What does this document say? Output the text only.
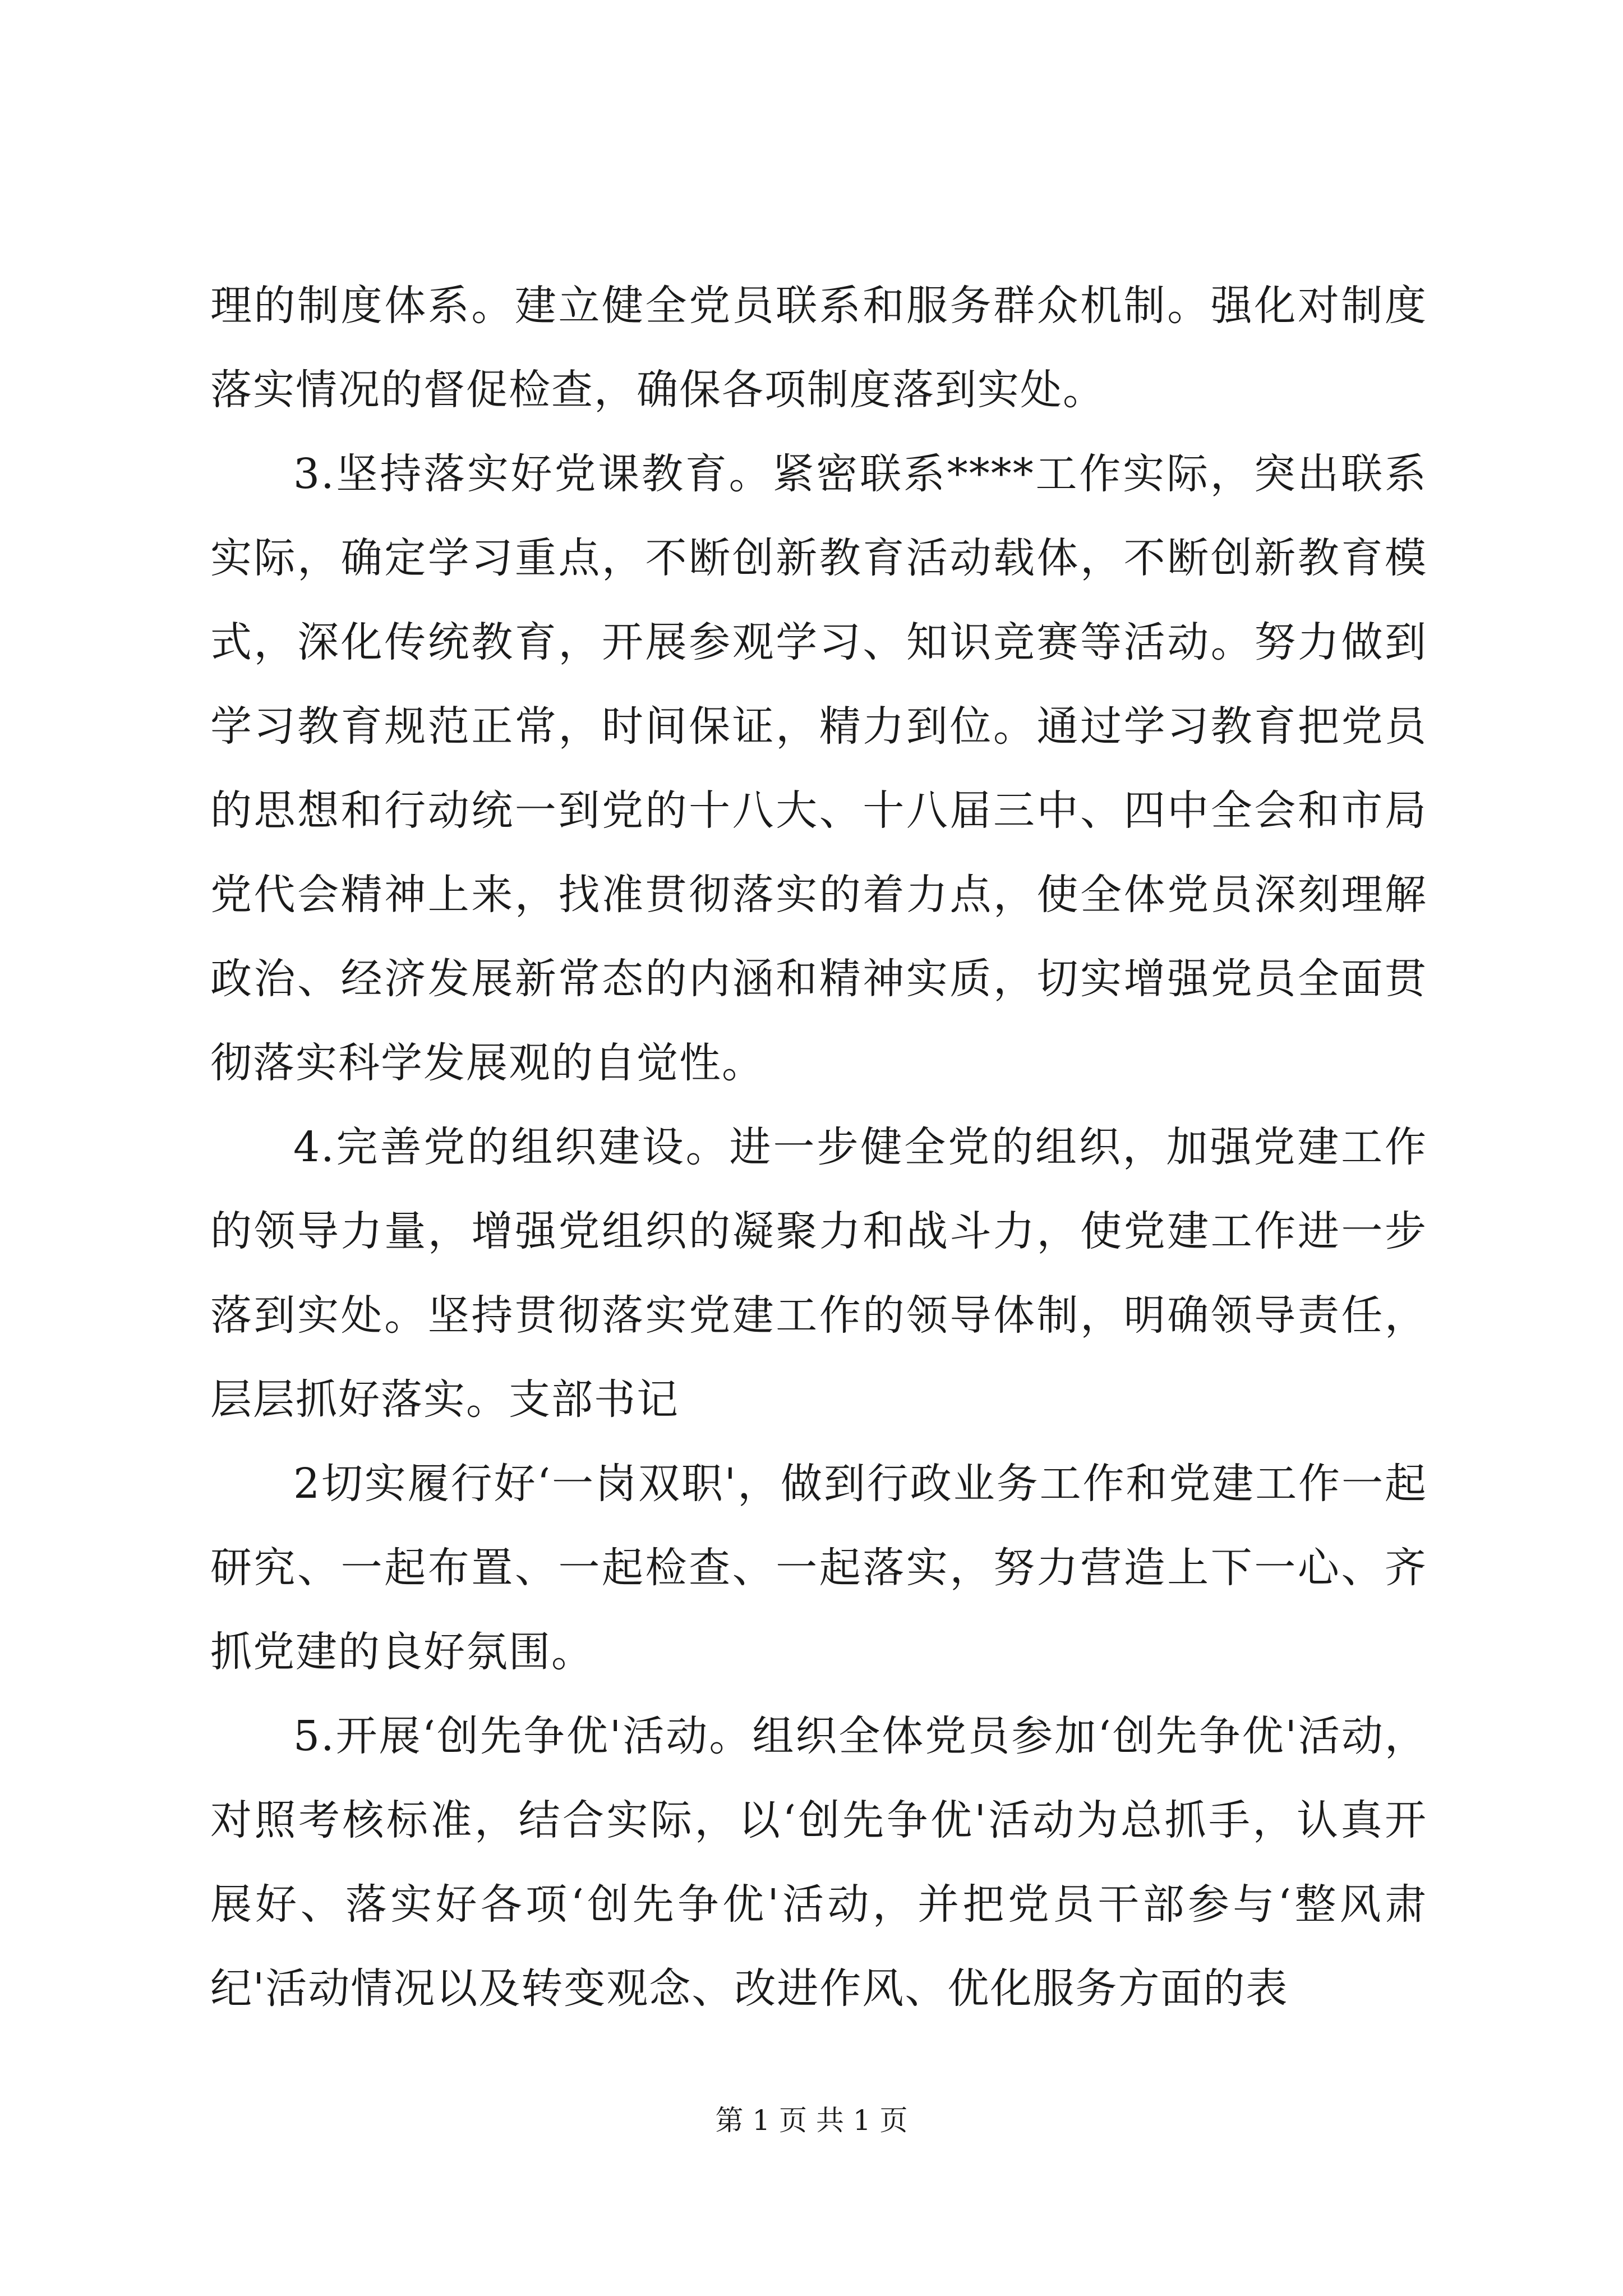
理的制度体系。建立健全党员联系和服务群众机制。强化对制度落实情况的督促检查，确保各项制度落到实处。

3.坚持落实好党课教育。紧密联系****工作实际，突出联系实际，确定学习重点，不断创新教育活动载体，不断创新教育模式，深化传统教育，开展参观学习、知识竞赛等活动。努力做到学习教育规范正常，时间保证，精力到位。通过学习教育把党员的思想和行动统一到党的十八大、十八届三中、四中全会和市局党代会精神上来，找准贯彻落实的着力点，使全体党员深刻理解政治、经济发展新常态的内涵和精神实质，切实增强党员全面贯彻落实科学发展观的自觉性。

4.完善党的组织建设。进一步健全党的组织，加强党建工作的领导力量，增强党组织的凝聚力和战斗力，使党建工作进一步落到实处。坚持贯彻落实党建工作的领导体制，明确领导责任，层层抓好落实。支部书记

2切实履行好‘一岗双职'，做到行政业务工作和党建工作一起研究、一起布置、一起检查、一起落实，努力营造上下一心、齐抓党建的良好氛围。

5.开展‘创先争优'活动。组织全体党员参加‘创先争优'活动，对照考核标准，结合实际，以‘创先争优'活动为总抓手，认真开展好、落实好各项‘创先争优'活动，并把党员干部参与‘整风肃纪'活动情况以及转变观念、改进作风、优化服务方面的表

第 1 页 共 1 页
